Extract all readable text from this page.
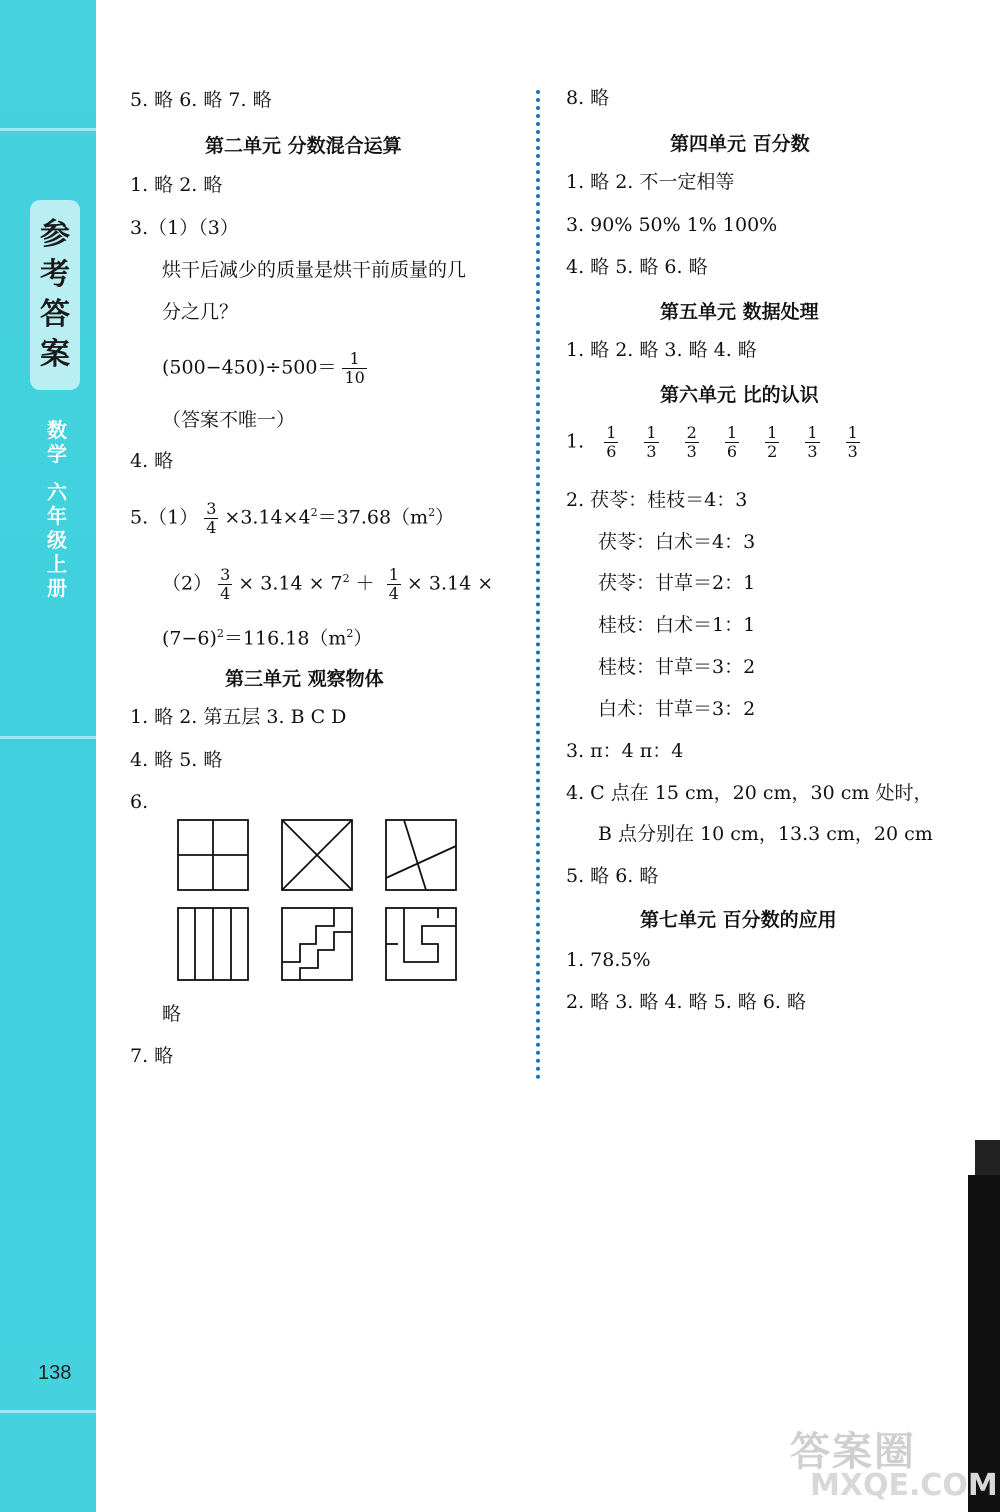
参
考
答
案
数
学
六
年
级
上
册
138
5. 略 6. 略 7. 略
第二单元 分数混合运算
1. 略 2. 略
3.（1）（3）
烘干后减少的质量是烘干前质量的几
分之几？
$(500-450)\div 500= \frac{1}{10}$
（答案不唯一）
4. 略
$5.(1) \frac{3}{4} \times 3.14\times 4^2=37.68(m^2)$
$(2) \frac{3}{4} \times 3.14 \times 7^2 + \frac{1}{4} \times 3.14$ ×
$(7-6)^2=116.18(m^2)$
第三单元 观察物体
1. 略 2. 第五层 3. B C D
4. 略 5. 略
6.
略
7. 略
8. 略
第四单元 百分数
1. 略 2. 不一定相等
3. 90% 50% 1% 100%
4. 略 5. 略 6. 略
第五单元 数据处理
1. 略 2. 略 3. 略 4. 略
第六单元 比的认识
1. $\frac{1}{6}$
$\frac{1}{3}$
$\frac{2}{3}$
$\frac{1}{6}$
$\frac{1}{2}$
$\frac{1}{3}$
$\frac{1}{3}$
2. 茯苓：桂枝＝4：3
茯苓：白术＝4：3
茯苓：甘草＝2：1
桂枝：白术＝1：1
桂枝：甘草＝3：2
白术：甘草＝3：2
3. π：4 π：4
4. C 点在 15 cm，20 cm，30 cm 处时，
B 点分别在 10 cm，13.3 cm，20 cm
5. 略 6. 略
第七单元 百分数的应用
1. 78.5%
2. 略 3. 略 4. 略 5. 略 6. 略
答案圈
MXQE.COM
